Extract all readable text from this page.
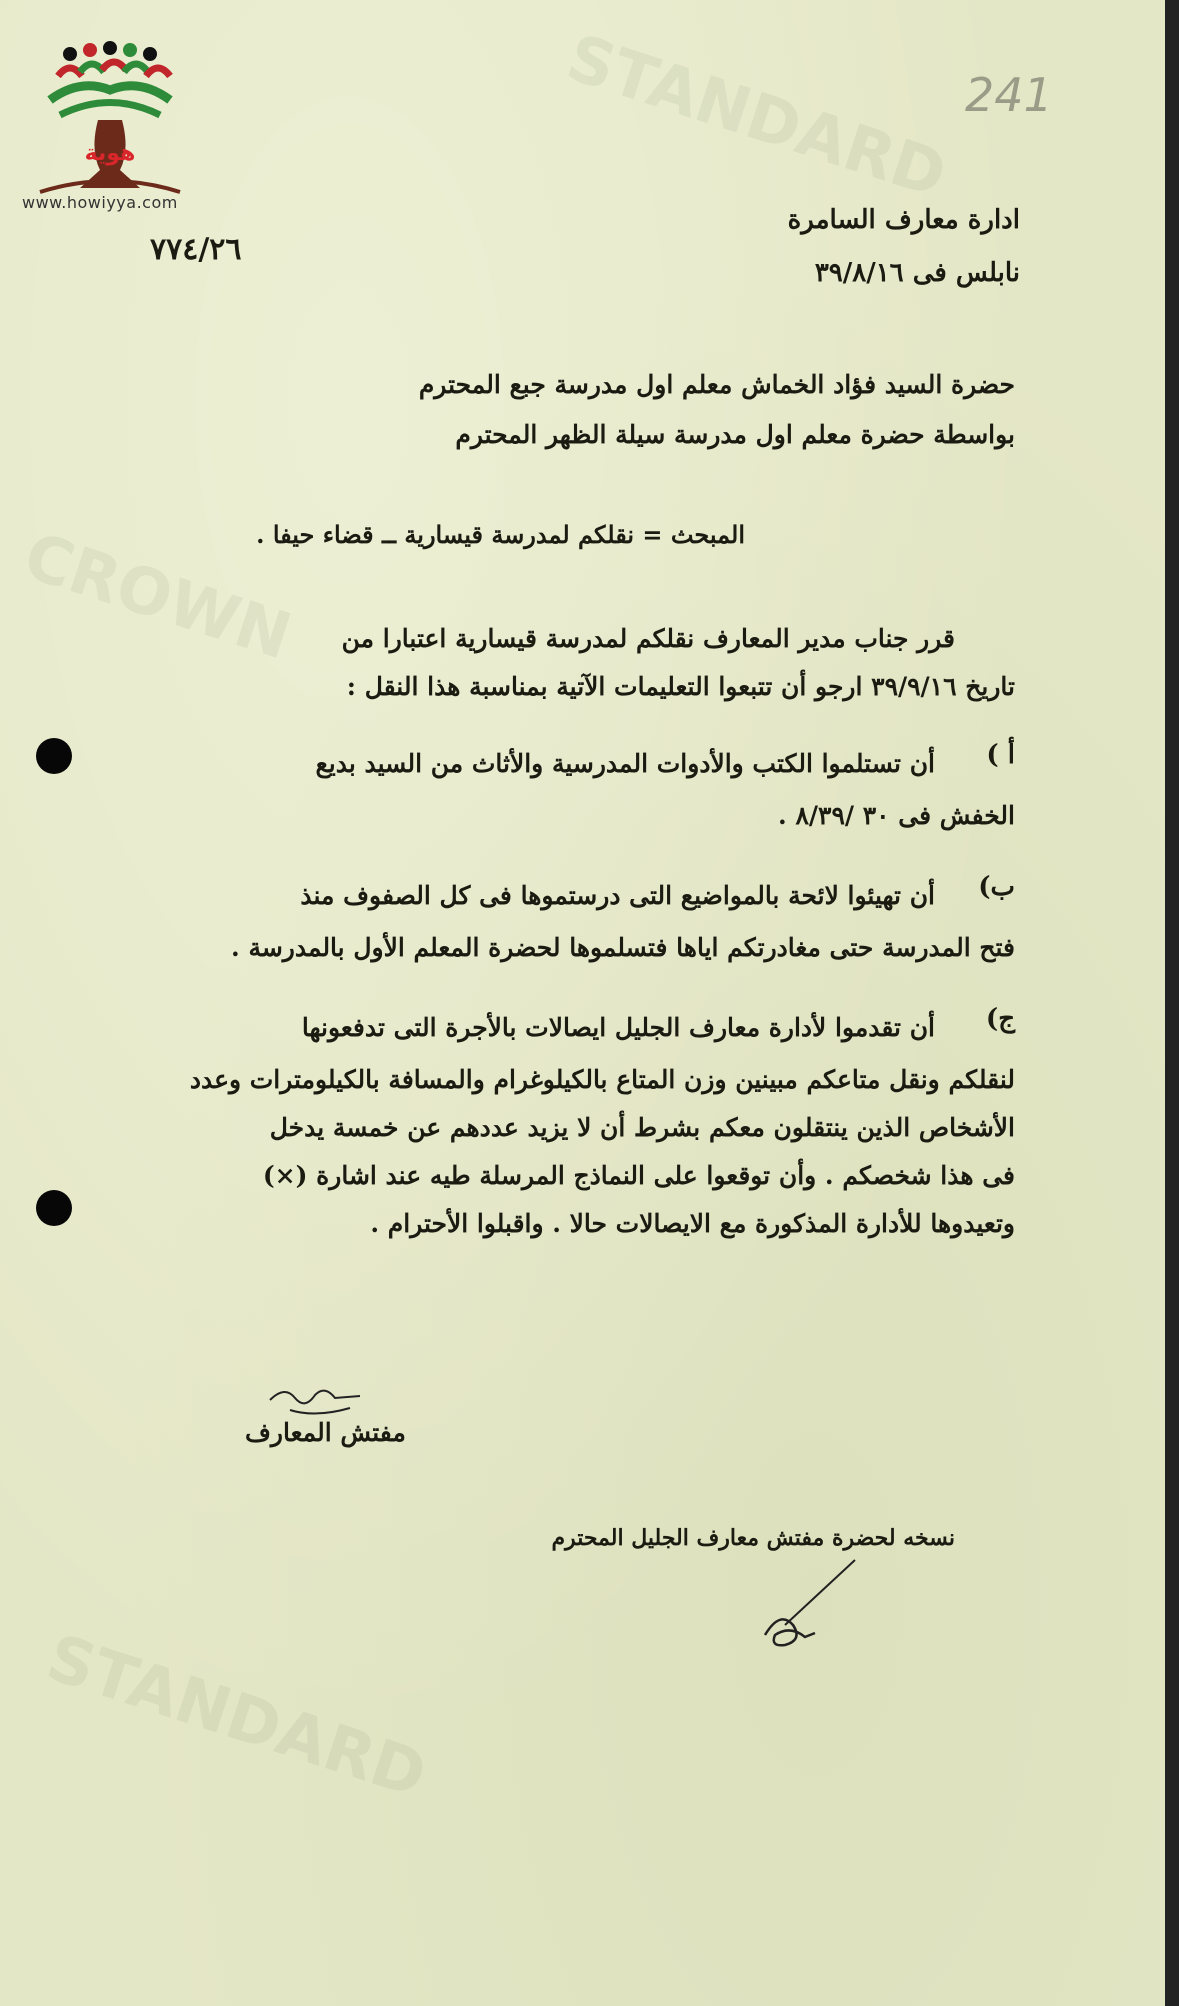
STANDARD
CROWN
STANDARD
هوية
www.howiyya.com
241
٧٧٤/٢٦
ادارة معارف السامرة
نابلس فى ٣٩/٨/١٦
حضرة السيد فؤاد الخماش معلم اول مدرسة جبع المحترم
بواسطة حضرة معلم اول مدرسة سيلة الظهر المحترم
المبحث = نقلكم لمدرسة قيسارية ــ قضاء حيفا .
قرر جناب مدير المعارف نقلكم لمدرسة قيسارية اعتبارا من
تاريخ ٣٩/٩/١٦ ارجو أن تتبعوا التعليمات الآتية بمناسبة هذا النقل :
أ )
أن تستلموا الكتب والأدوات المدرسية والأثاث من السيد بديع
الخفش فى ٣٠ /٨/٣٩ .
ب)
أن تهيئوا لائحة بالمواضيع التى درستموها فى كل الصفوف منذ
فتح المدرسة حتى مغادرتكم اياها فتسلموها لحضرة المعلم الأول بالمدرسة .
ج)
أن تقدموا لأدارة معارف الجليل ايصالات بالأجرة التى تدفعونها
لنقلكم ونقل متاعكم مبينين وزن المتاع بالكيلوغرام والمسافة بالكيلومترات وعدد
الأشخاص الذين ينتقلون معكم بشرط أن لا يزيد عددهم عن خمسة يدخل
فى هذا شخصكم . وأن توقعوا على النماذج المرسلة طيه عند اشارة (×)
وتعيدوها للأدارة المذكورة مع الايصالات حالا . واقبلوا الأحترام .
مفتش المعارف
نسخه لحضرة مفتش معارف الجليل المحترم
